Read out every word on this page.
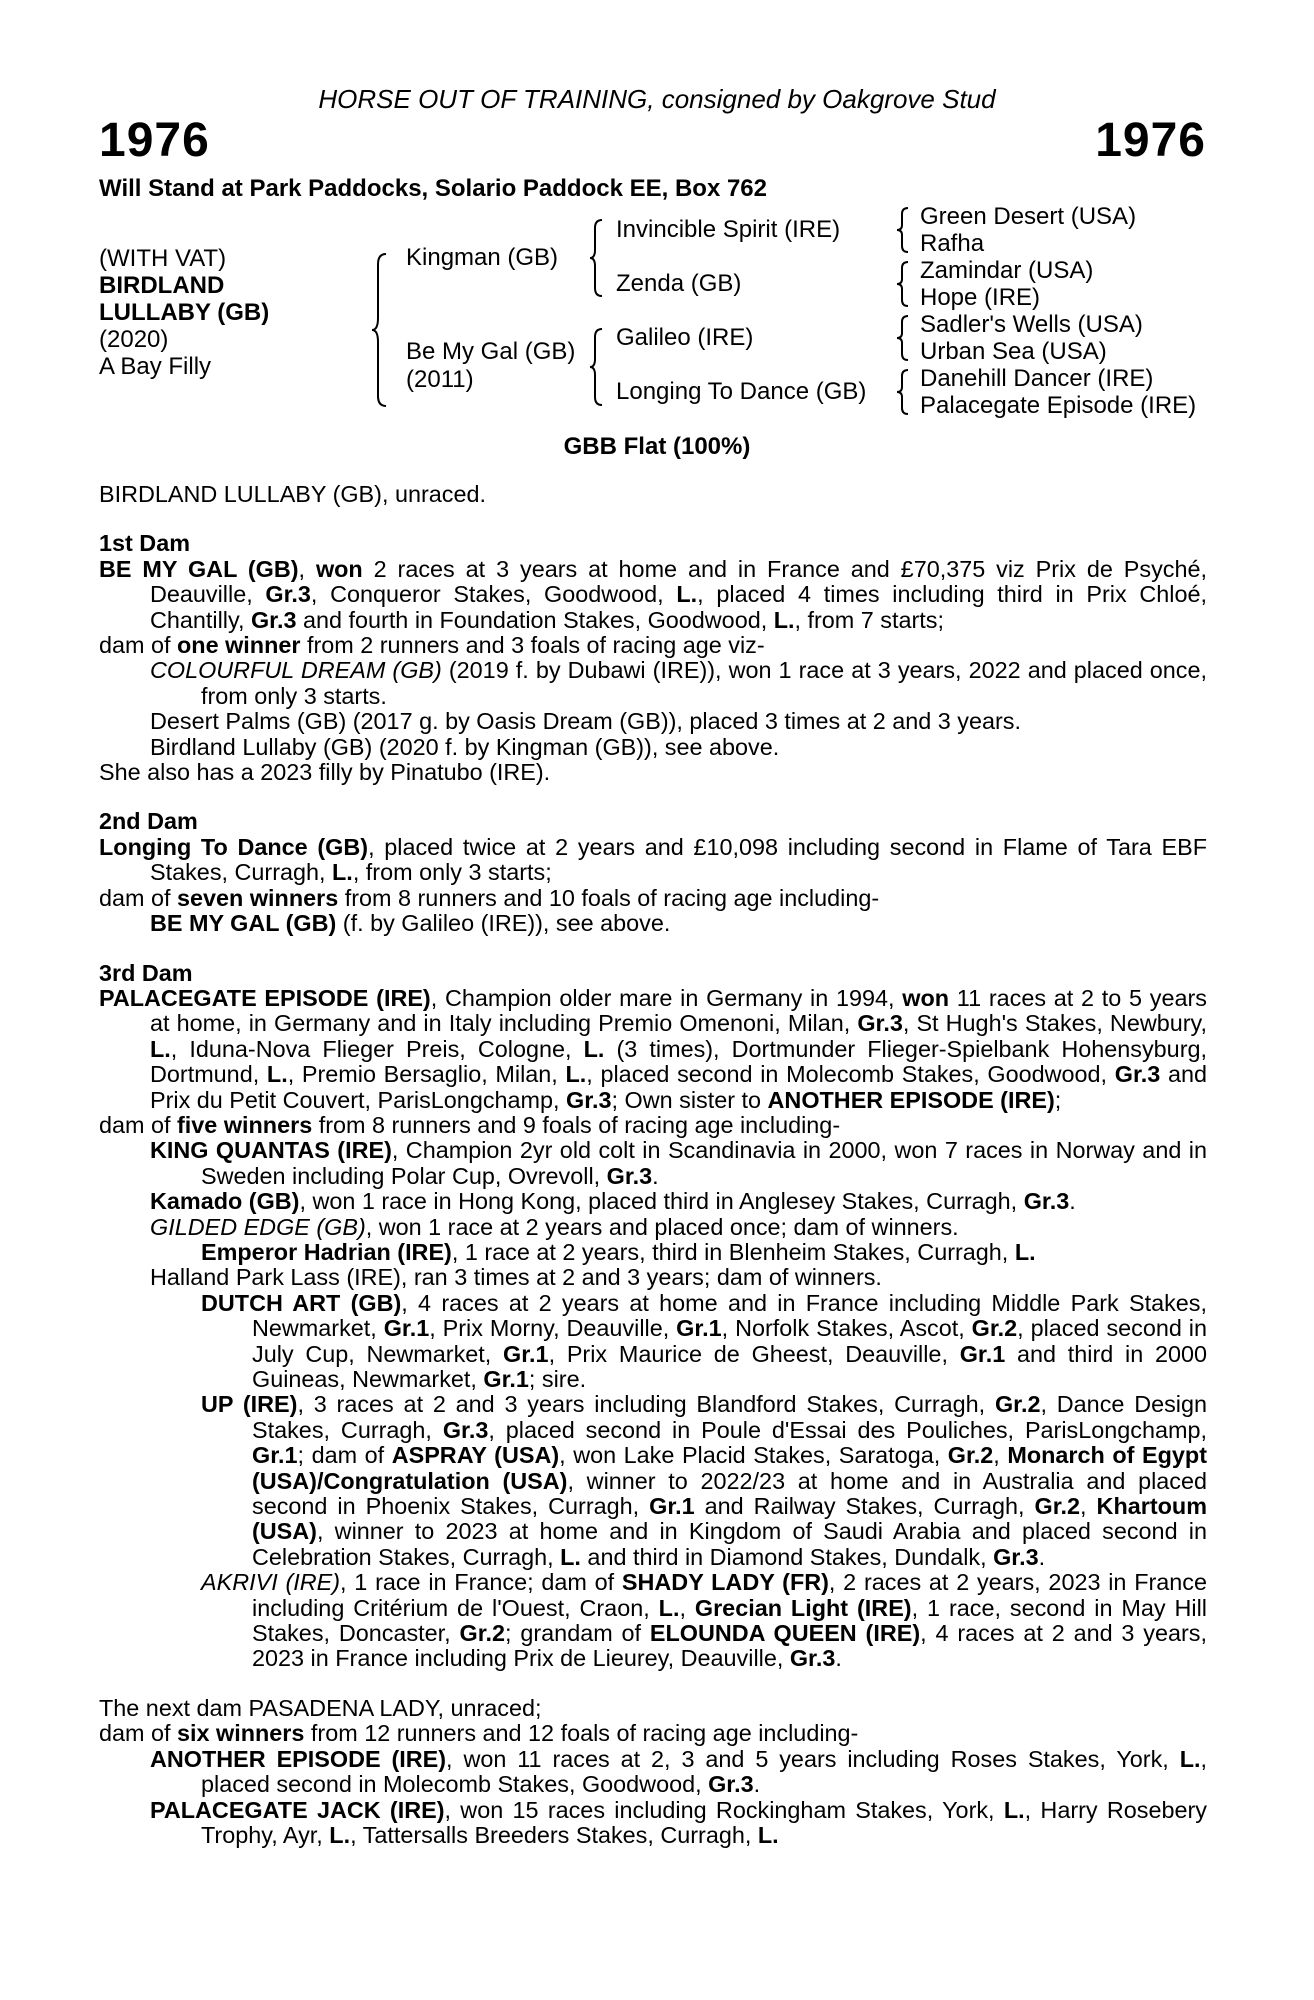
HORSE OUT OF TRAINING, consigned by Oakgrove Stud
1976	1976
Will Stand at Park Paddocks, Solario Paddock EE, Box 762
(WITH VAT)
BIRDLAND
LULLABY (GB)
(2020)
A Bay Filly
Kingman (GB)
Be My Gal (GB)
(2011)
Invincible Spirit (IRE)
Zenda (GB)
Galileo (IRE)
Longing To Dance (GB)
Green Desert (USA)
Rafha
Zamindar (USA)
Hope (IRE)
Sadler's Wells (USA)
Urban Sea (USA)
Danehill Dancer (IRE)
Palacegate Episode (IRE)
GBB Flat (100%)

BIRDLAND LULLABY (GB), unraced.

1st Dam

BE MY GAL (GB), won 2 races at 3 years at home and in France and £70,375 viz Prix de Psyché, Deauville, Gr.3, Conqueror Stakes, Goodwood, L., placed 4 times including third in Prix Chloé, Chantilly, Gr.3 and fourth in Foundation Stakes, Goodwood, L., from 7 starts;

dam of one winner from 2 runners and 3 foals of racing age viz-

COLOURFUL DREAM (GB) (2019 f. by Dubawi (IRE)), won 1 race at 3 years, 2022 and placed once, from only 3 starts.

Desert Palms (GB) (2017 g. by Oasis Dream (GB)), placed 3 times at 2 and 3 years.

Birdland Lullaby (GB) (2020 f. by Kingman (GB)), see above.

She also has a 2023 filly by Pinatubo (IRE).

2nd Dam

Longing To Dance (GB), placed twice at 2 years and £10,098 including second in Flame of Tara EBF Stakes, Curragh, L., from only 3 starts;

dam of seven winners from 8 runners and 10 foals of racing age including-

BE MY GAL (GB) (f. by Galileo (IRE)), see above.

3rd Dam

PALACEGATE EPISODE (IRE), Champion older mare in Germany in 1994, won 11 races at 2 to 5 years at home, in Germany and in Italy including Premio Omenoni, Milan, Gr.3, St Hugh's Stakes, Newbury, L., Iduna-Nova Flieger Preis, Cologne, L. (3 times), Dortmunder Flieger-Spielbank Hohensyburg, Dortmund, L., Premio Bersaglio, Milan, L., placed second in Molecomb Stakes, Goodwood, Gr.3 and Prix du Petit Couvert, ParisLongchamp, Gr.3; Own sister to ANOTHER EPISODE (IRE);

dam of five winners from 8 runners and 9 foals of racing age including-

KING QUANTAS (IRE), Champion 2yr old colt in Scandinavia in 2000, won 7 races in Norway and in Sweden including Polar Cup, Ovrevoll, Gr.3.

Kamado (GB), won 1 race in Hong Kong, placed third in Anglesey Stakes, Curragh, Gr.3.

GILDED EDGE (GB), won 1 race at 2 years and placed once; dam of winners.

Emperor Hadrian (IRE), 1 race at 2 years, third in Blenheim Stakes, Curragh, L.

Halland Park Lass (IRE), ran 3 times at 2 and 3 years; dam of winners.

DUTCH ART (GB), 4 races at 2 years at home and in France including Middle Park Stakes, Newmarket, Gr.1, Prix Morny, Deauville, Gr.1, Norfolk Stakes, Ascot, Gr.2, placed second in July Cup, Newmarket, Gr.1, Prix Maurice de Gheest, Deauville, Gr.1 and third in 2000 Guineas, Newmarket, Gr.1; sire.

UP (IRE), 3 races at 2 and 3 years including Blandford Stakes, Curragh, Gr.2, Dance Design Stakes, Curragh, Gr.3, placed second in Poule d'Essai des Pouliches, ParisLongchamp, Gr.1; dam of ASPRAY (USA), won Lake Placid Stakes, Saratoga, Gr.2, Monarch of Egypt (USA)/Congratulation (USA), winner to 2022/23 at home and in Australia and placed second in Phoenix Stakes, Curragh, Gr.1 and Railway Stakes, Curragh, Gr.2, Khartoum (USA), winner to 2023 at home and in Kingdom of Saudi Arabia and placed second in Celebration Stakes, Curragh, L. and third in Diamond Stakes, Dundalk, Gr.3.

AKRIVI (IRE), 1 race in France; dam of SHADY LADY (FR), 2 races at 2 years, 2023 in France including Critérium de l'Ouest, Craon, L., Grecian Light (IRE), 1 race, second in May Hill Stakes, Doncaster, Gr.2; grandam of ELOUNDA QUEEN (IRE), 4 races at 2 and 3 years, 2023 in France including Prix de Lieurey, Deauville, Gr.3.

The next dam PASADENA LADY, unraced;

dam of six winners from 12 runners and 12 foals of racing age including-

ANOTHER EPISODE (IRE), won 11 races at 2, 3 and 5 years including Roses Stakes, York, L., placed second in Molecomb Stakes, Goodwood, Gr.3.

PALACEGATE JACK (IRE), won 15 races including Rockingham Stakes, York, L., Harry Rosebery Trophy, Ayr, L., Tattersalls Breeders Stakes, Curragh, L.
